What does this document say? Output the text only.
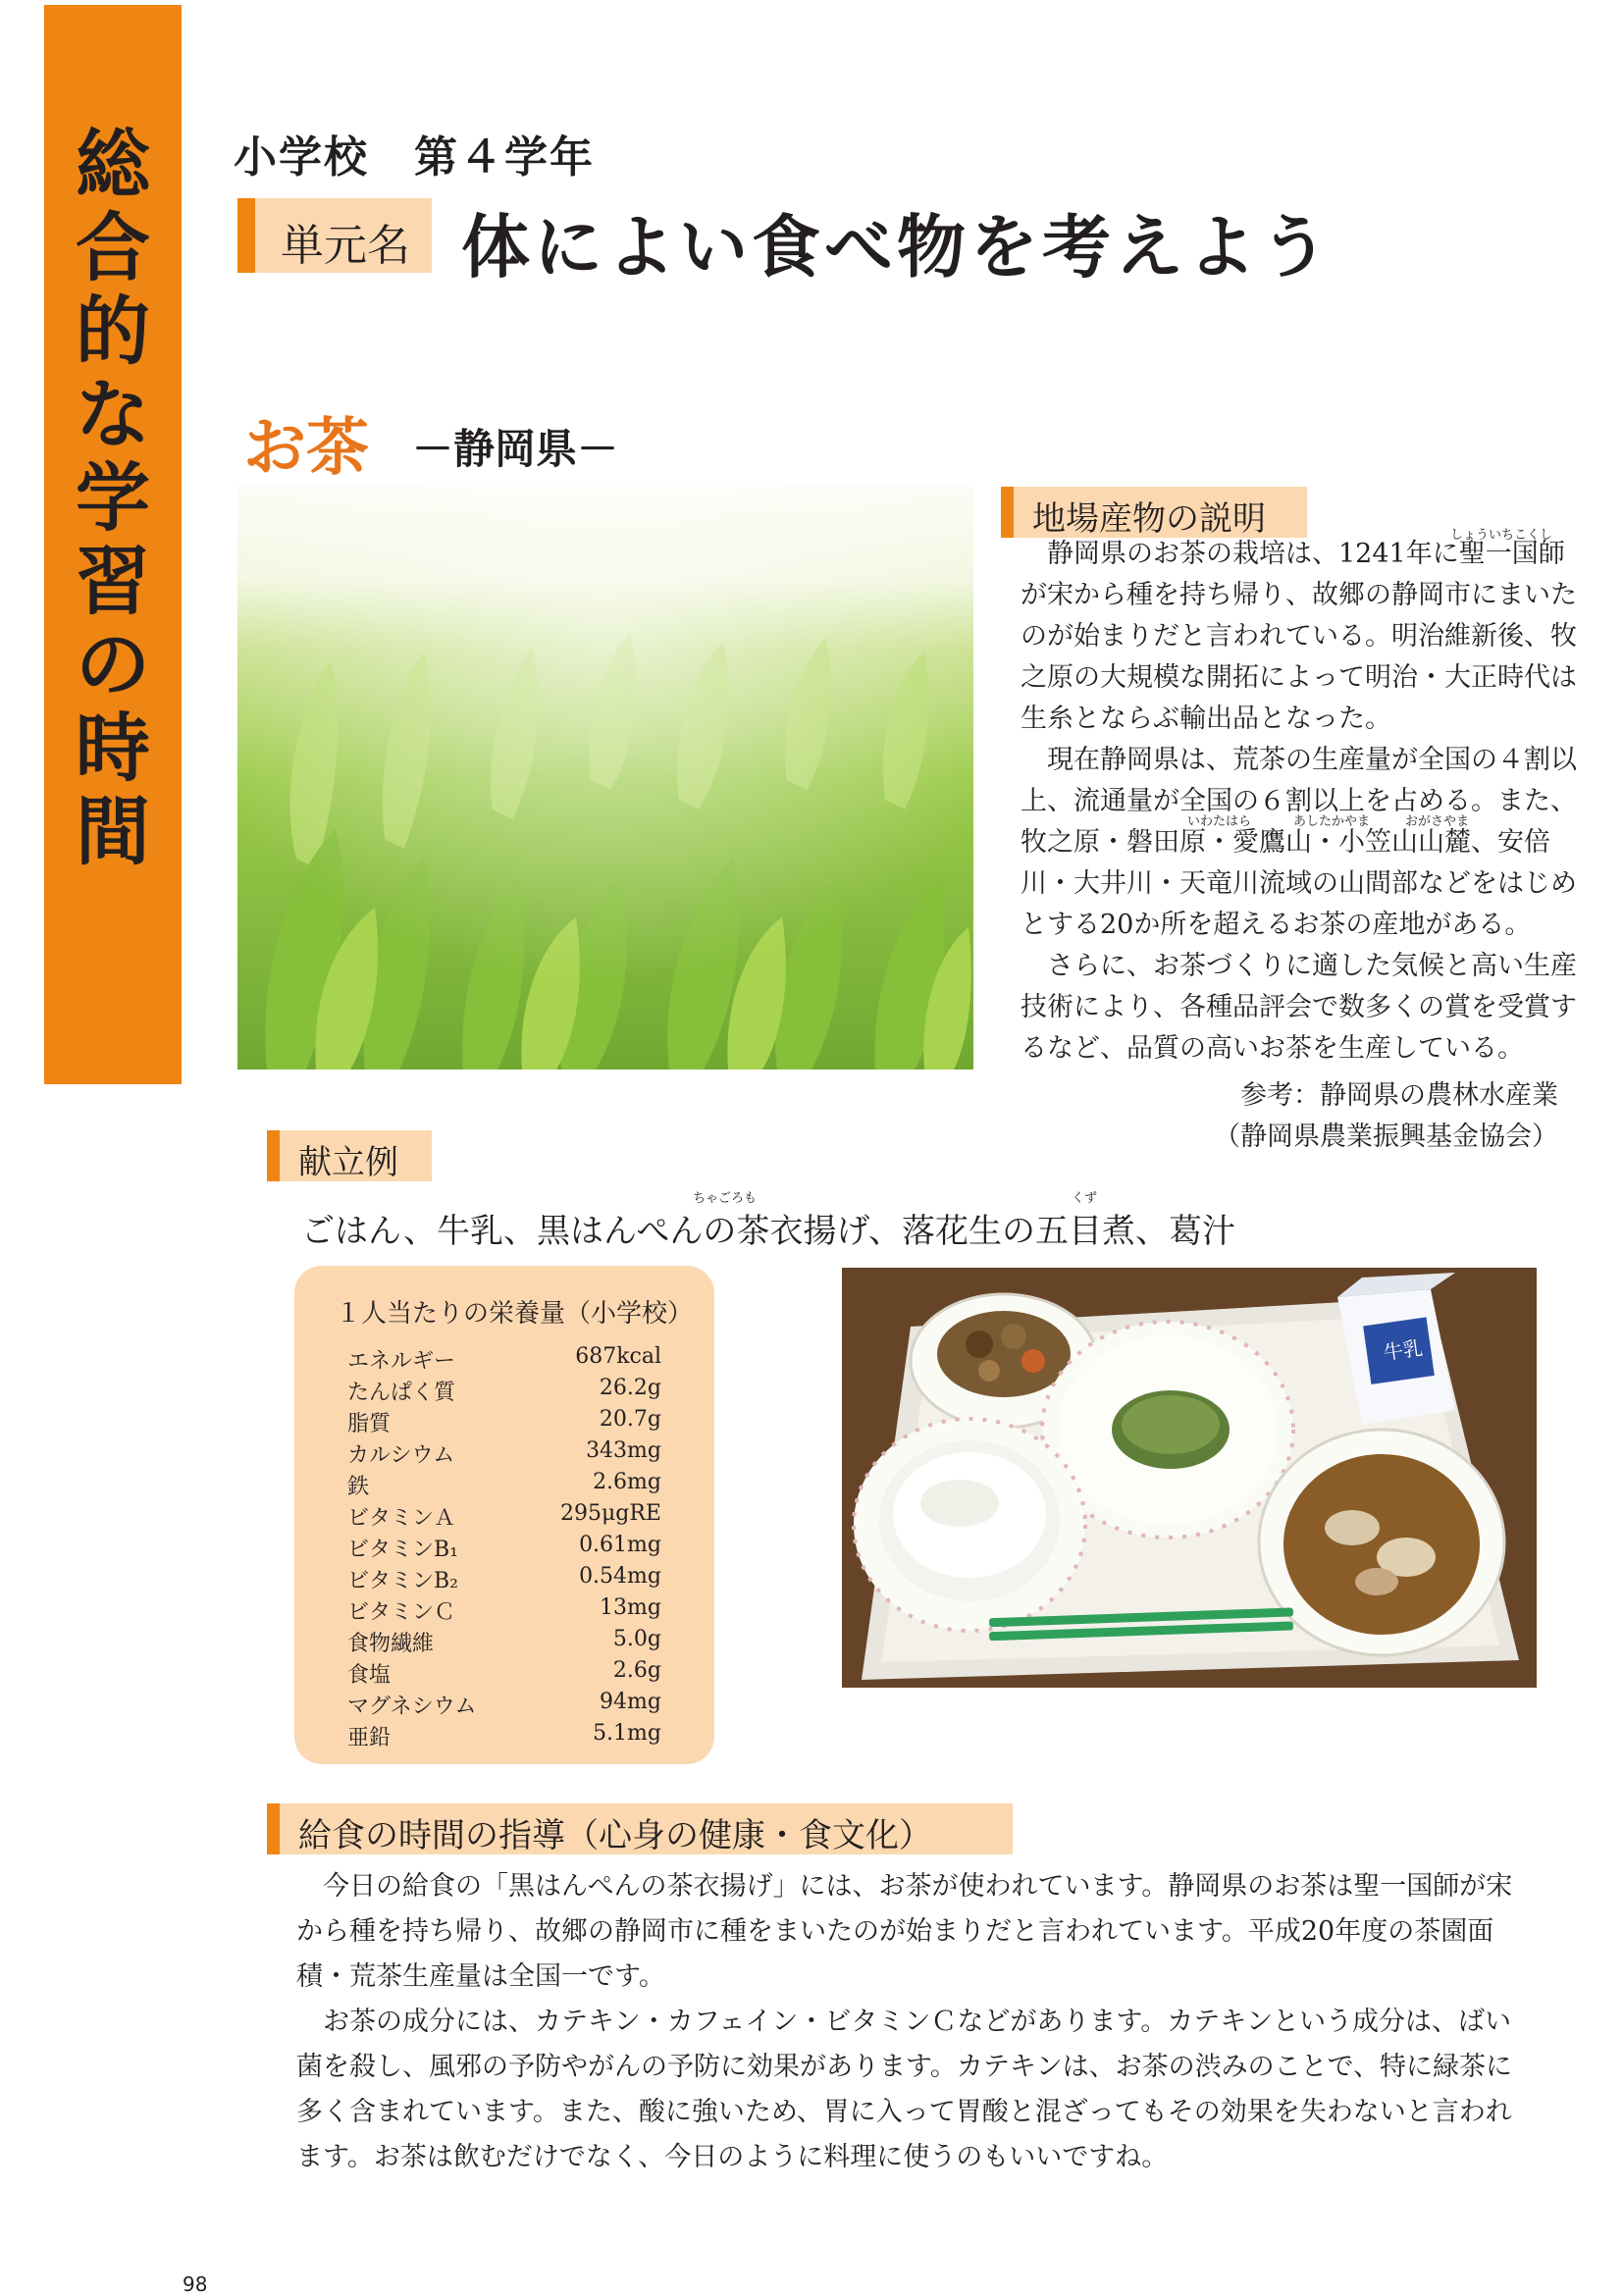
総合的な学習の時間
小学校　第４学年
単元名 体によい食べ物を考えよう
お茶 －静岡県－
地場産物の説明	しょういちこくし
いわたはら	あしたかやま	おがさやま

静岡県のお茶の栽培は、1241年に聖一国師が宋から種を持ち帰り、故郷の静岡市にまいたのが始まりだと言われている。明治維新後、牧之原の大規模な開拓によって明治・大正時代は生糸とならぶ輸出品となった。

現在静岡県は、荒茶の生産量が全国の４割以上、流通量が全国の６割以上を占める。また、牧之原・磐田原・愛鷹山・小笠山山麓、安倍川・大井川・天竜川流域の山間部などをはじめとする20か所を超えるお茶の産地がある。

さらに、お茶づくりに適した気候と高い生産技術により、各種品評会で数多くの賞を受賞するなど、品質の高いお茶を生産している。

参考：静岡県の農林水産業
（静岡県農業振興基金協会）
献立例
ちゃごろも	くず
ごはん、牛乳、黒はんぺんの茶衣揚げ、落花生の五目煮、葛汁
１人当たりの栄養量（小学校）
エネルギー	687kcal
たんぱく質	26.2g
脂質	20.7g
カルシウム	343mg
鉄	2.6mg
ビタミンＡ	295μgRE
ビタミンB₁	0.61mg
ビタミンB₂	0.54mg
ビタミンＣ	13mg
食物繊維	5.0g
食塩	2.6g
マグネシウム	94mg
亜鉛	5.1mg
牛乳
給食の時間の指導（心身の健康・食文化）

今日の給食の「黒はんぺんの茶衣揚げ」には、お茶が使われています。静岡県のお茶は聖一国師が宋から種を持ち帰り、故郷の静岡市に種をまいたのが始まりだと言われています。平成20年度の茶園面積・荒茶生産量は全国一です。

お茶の成分には、カテキン・カフェイン・ビタミンＣなどがあります。カテキンという成分は、ばい菌を殺し、風邪の予防やがんの予防に効果があります。カテキンは、お茶の渋みのことで、特に緑茶に多く含まれています。また、酸に強いため、胃に入って胃酸と混ざってもその効果を失わないと言われます。お茶は飲むだけでなく、今日のように料理に使うのもいいですね。

98
